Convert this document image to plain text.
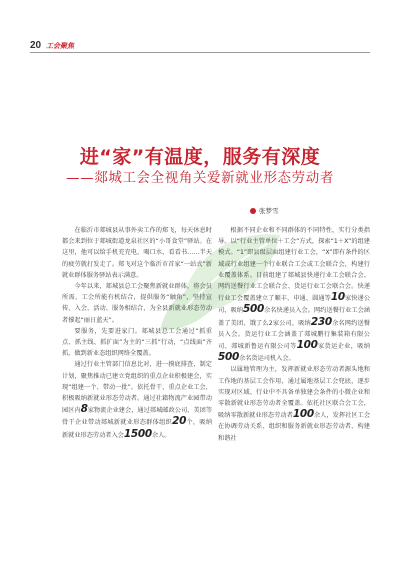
20 工会聚焦
进“家”有温度，服务有深度
——郯城工会全视角关爱新就业形态劳动者
张梦雪

在临沂市郯城县从事外卖工作的郑飞，每天休息时都会来到位于郯城街道龙泉社区的“小哥食堂”驿站。在这里，他可以给手机充充电，喝口水，看看书……半天的疲劳就打发走了。郑飞对这个临沂市首家“一站式”新就业群体服务驿站表示满意。

今年以来，郯城县总工会聚焦新就业群体，将会员所需、工会所能有机结合，提供服务“触角”，坚持宣传、入会、活动、服务相结合，为全县新就业形态劳动者撑起“丽日蓝天”。

要服务，先要进家门。郯城县总工会通过“抓重点、抓主线、抓扩面”为主的“三抓”行动，“点线面”齐抓，做到新业态组织网络全覆盖。

通过行业主管部门信息比对，进一摸底排查，制定计划，聚焦推动已建立党组织的重点企业积极建会，实现“组建一个、带动一批”。依托骨干、重点企业工会，积极吸纳新就业形态劳动者。通过社籍物流产业园带动园区内8家物流企业建会，通过郯城邮政公司、美团等骨干企业带动郯城新就业形态群体组织20个，吸纳新就业形态劳动者入会1500余人。

根据不同企业和不同群体的不同特性，实行分类指导。以“行业主管单位＋工会”方式，探索“1＋X”的组建模式。“1”即县级层面组建行业工会，“X”即有条件的区域或行业组建一个行业联合工会或工会联合会，构建行业覆盖体系。目前组建了郯城县快递行业工会联合会、网约送餐行业工会联合会、货运行业工会联合会。快递行业工会覆盖建立了顺丰、申通、圆通等10家快递公司，吸纳500余名快递员入会。网约送餐行业工会涵盖了美团、饿了么2家公司，吸纳230余名网约送餐员入会。货运行业工会涵盖了郯城鹏行集装箱有限公司、郯城新鲁运有限公司等100家货运企业，吸纳500余名货运司机入会。

以属地管理为主，发挥新就业形态劳动者源头地和工作地的基层工会作用，通过属地基层工会兜底，逐步实现对区域、行业中不具备单独建会条件的小微企业和零散新就业形态劳动者全覆盖。依托社区联合会工会，吸纳零散新就业形态劳动者100余人，发挥社区工会在协调劳动关系、组织和服务新就业形态劳动者、构建和谐社
